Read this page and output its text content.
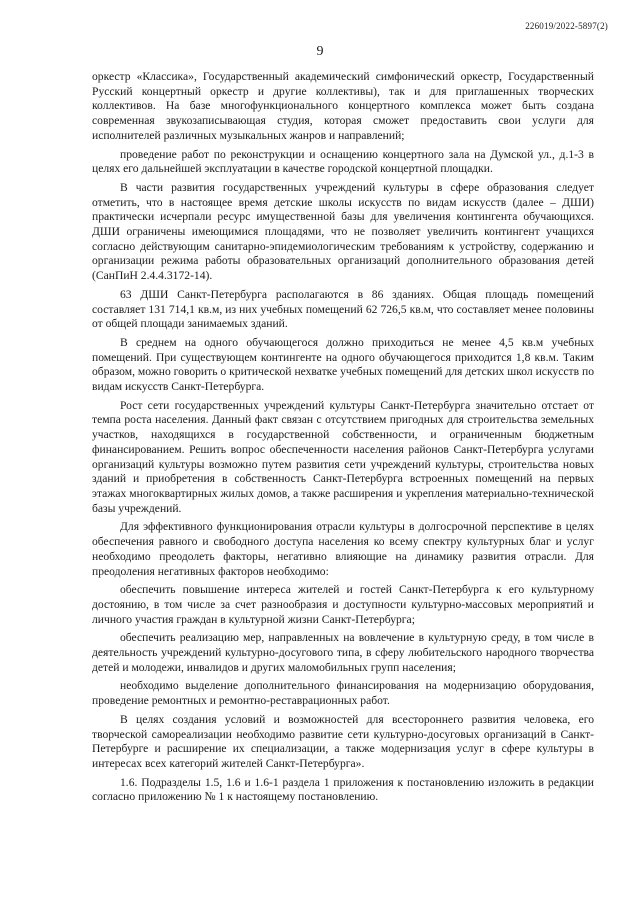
226019/2022-5897(2)
9

оркестр «Классика», Государственный академический симфонический оркестр, Государственный Русский концертный оркестр и другие коллективы), так и для приглашенных творческих коллективов. На базе многофункционального концертного комплекса может быть создана современная звукозаписывающая студия, которая сможет предоставить свои услуги для исполнителей различных музыкальных жанров и направлений;

проведение работ по реконструкции и оснащению концертного зала на Думской ул., д.1-3 в целях его дальнейшей эксплуатации в качестве городской концертной площадки.

В части развития государственных учреждений культуры в сфере образования следует отметить, что в настоящее время детские школы искусств по видам искусств (далее – ДШИ) практически исчерпали ресурс имущественной базы для увеличения контингента обучающихся. ДШИ ограничены имеющимися площадями, что не позволяет увеличить контингент учащихся согласно действующим санитарно-эпидемиологическим требованиям к устройству, содержанию и организации режима работы образовательных организаций дополнительного образования детей (СанПиН 2.4.4.3172-14).

63 ДШИ Санкт-Петербурга располагаются в 86 зданиях. Общая площадь помещений составляет 131 714,1 кв.м, из них учебных помещений 62 726,5 кв.м, что составляет менее половины от общей площади занимаемых зданий.

В среднем на одного обучающегося должно приходиться не менее 4,5 кв.м учебных помещений. При существующем контингенте на одного обучающегося приходится 1,8 кв.м. Таким образом, можно говорить о критической нехватке учебных помещений для детских школ искусств по видам искусств Санкт-Петербурга.

Рост сети государственных учреждений культуры Санкт-Петербурга значительно отстает от темпа роста населения. Данный факт связан с отсутствием пригодных для строительства земельных участков, находящихся в государственной собственности, и ограниченным бюджетным финансированием. Решить вопрос обеспеченности населения районов Санкт-Петербурга услугами организаций культуры возможно путем развития сети учреждений культуры, строительства новых зданий и приобретения в собственность Санкт-Петербурга встроенных помещений на первых этажах многоквартирных жилых домов, а также расширения и укрепления материально-технической базы учреждений.

Для эффективного функционирования отрасли культуры в долгосрочной перспективе в целях обеспечения равного и свободного доступа населения ко всему спектру культурных благ и услуг необходимо преодолеть факторы, негативно влияющие на динамику развития отрасли. Для преодоления негативных факторов необходимо:

обеспечить повышение интереса жителей и гостей Санкт-Петербурга к его культурному достоянию, в том числе за счет разнообразия и доступности культурно-массовых мероприятий и личного участия граждан в культурной жизни Санкт-Петербурга;

обеспечить реализацию мер, направленных на вовлечение в культурную среду, в том числе в деятельность учреждений культурно-досугового типа, в сферу любительского народного творчества детей и молодежи, инвалидов и других маломобильных групп населения;

необходимо выделение дополнительного финансирования на модернизацию оборудования, проведение ремонтных и ремонтно-реставрационных работ.

В целях создания условий и возможностей для всестороннего развития человека, его творческой самореализации необходимо развитие сети культурно-досуговых организаций в Санкт-Петербурге и расширение их специализации, а также модернизация услуг в сфере культуры в интересах всех категорий жителей Санкт-Петербурга».

1.6. Подразделы 1.5, 1.6 и 1.6-1 раздела 1 приложения к постановлению изложить в редакции согласно приложению № 1 к настоящему постановлению.
